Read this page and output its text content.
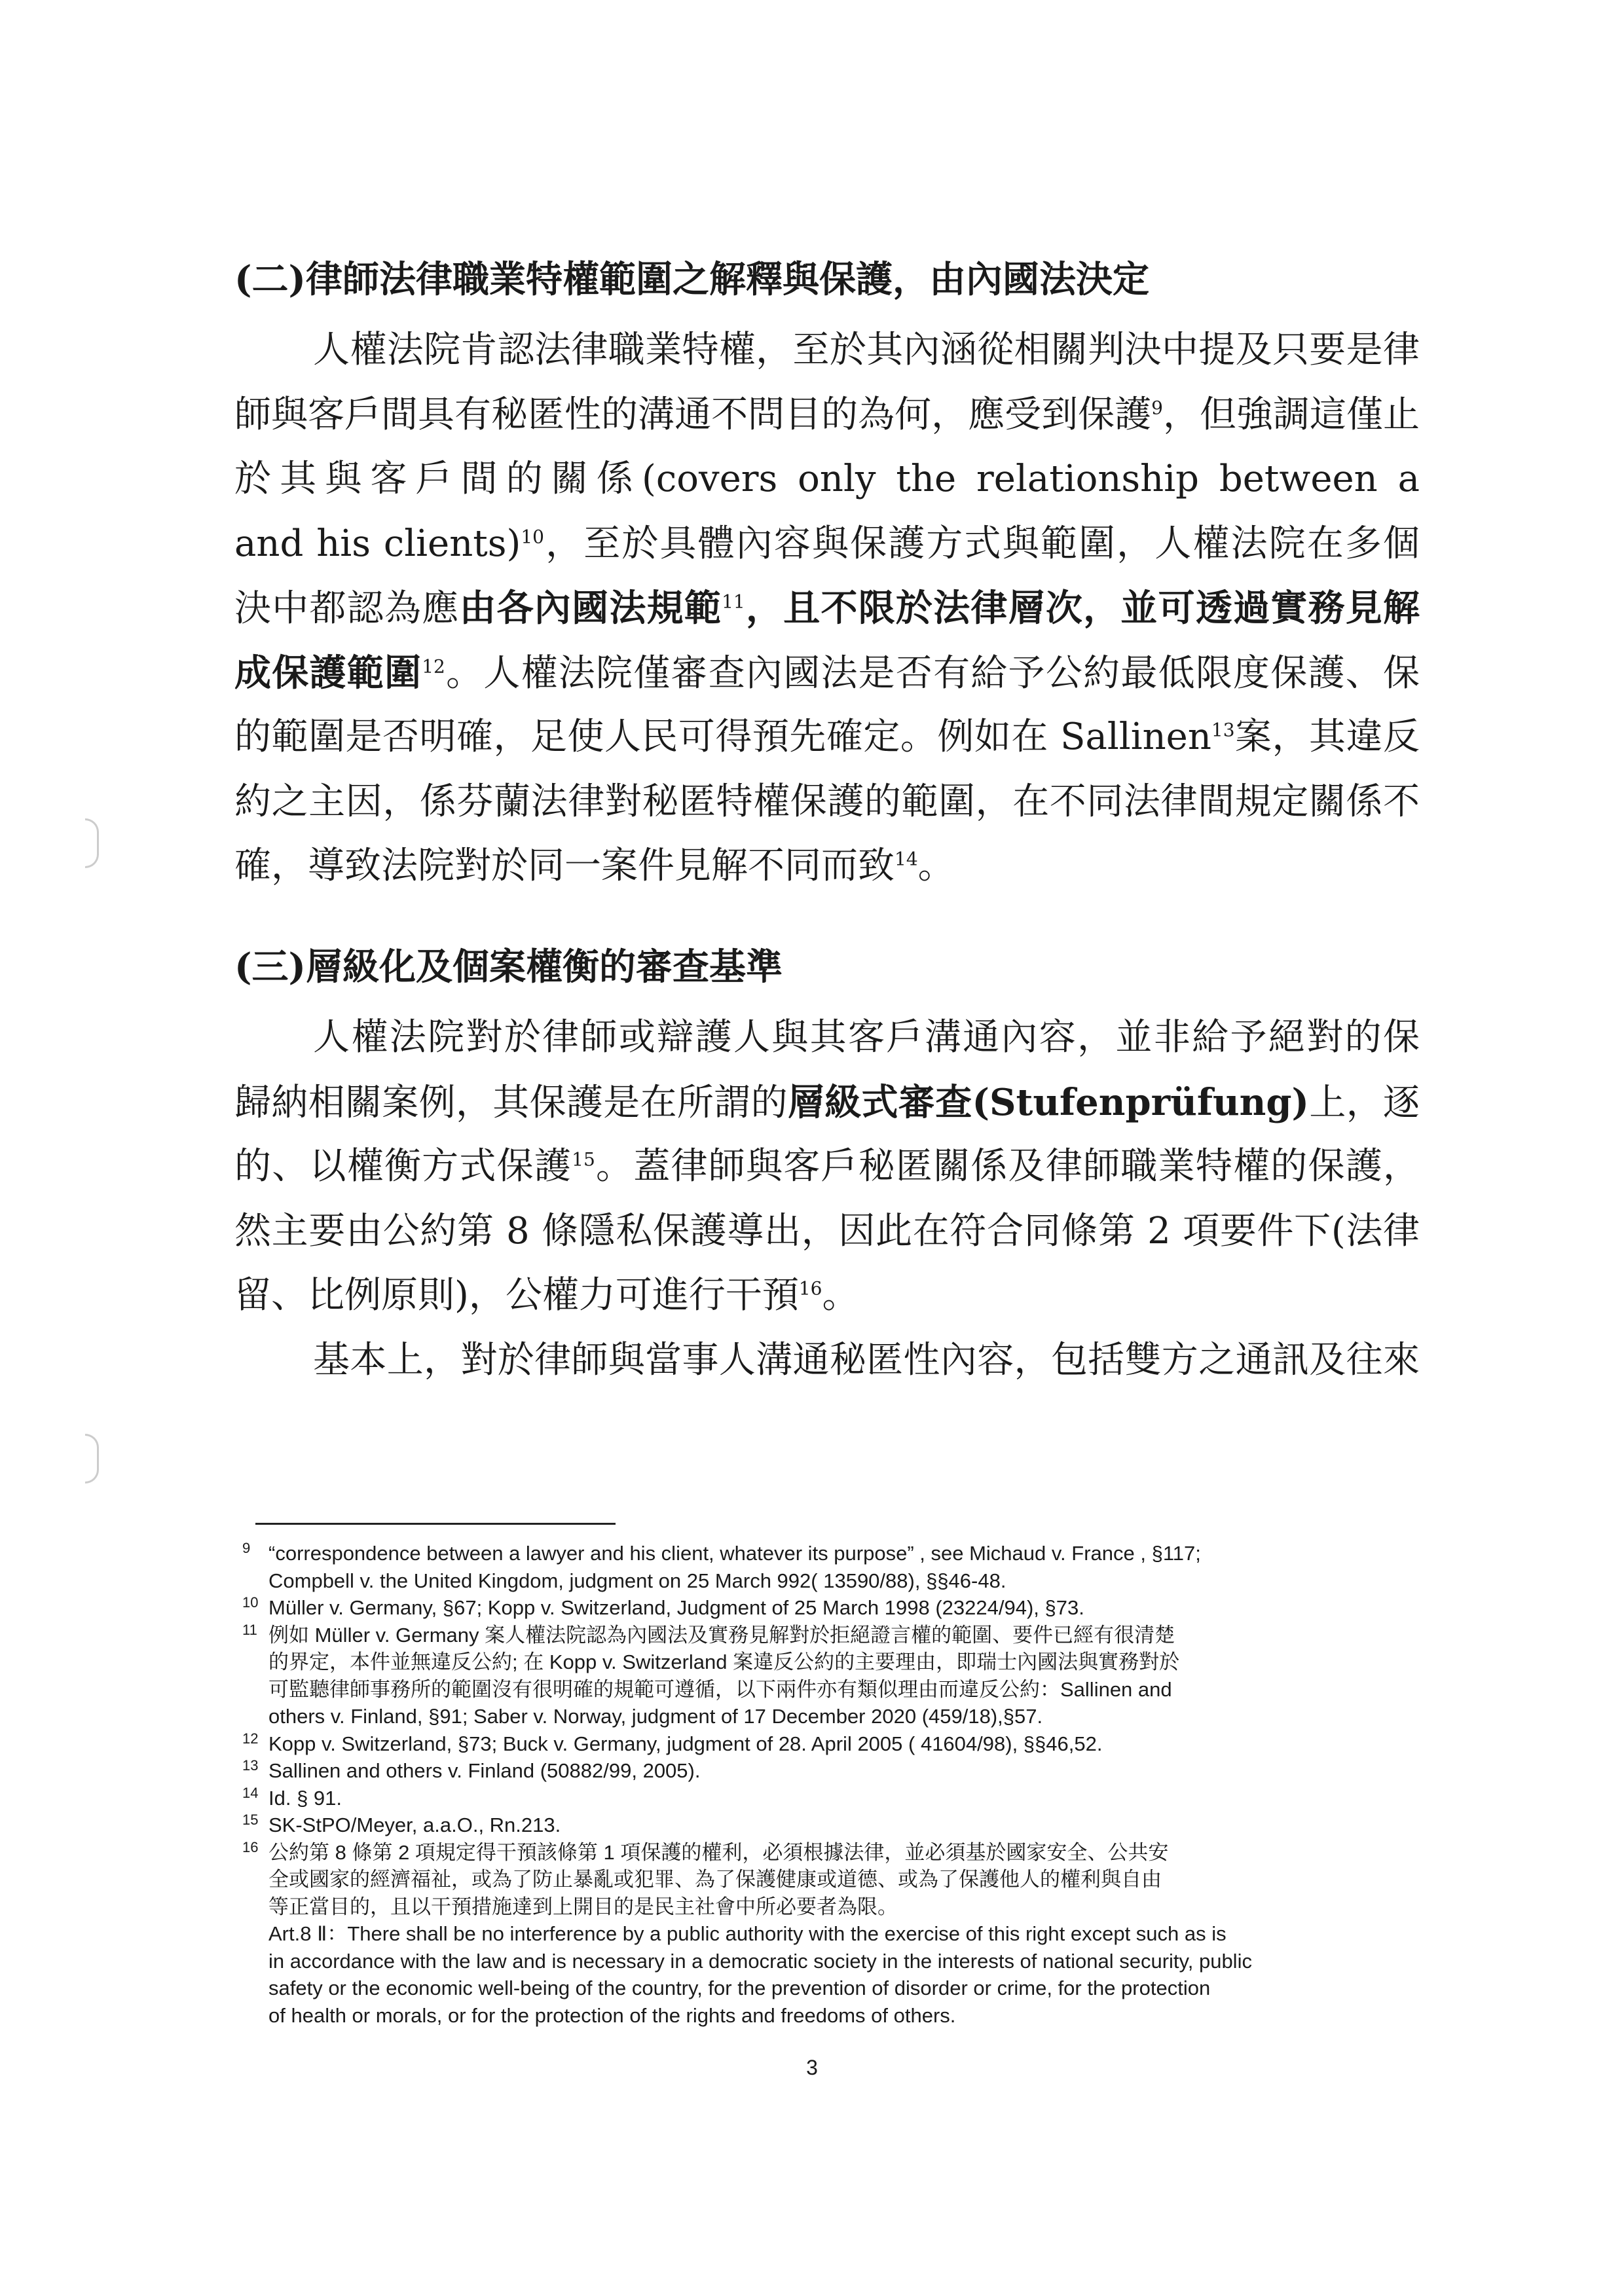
(二)律師法律職業特權範圍之解釋與保護，由內國法決定
(三)層級化及個案權衡的審查基準
3
人權法院肯認法律職業特權，至於其內涵從相關判決中提及只要是律
師與客戶間具有秘匿性的溝通不問目的為何，應受到保護$^9$，但強調這僅止
於其與客戶間的關係(covers only the relationship between a
and his clients)$^{10}$，至於具體內容與保護方式與範圍，人權法院在多個
決中都認為應由各內國法規範$^{11}$，且不限於法律層次，並可透過實務見解
成保護範圍$^{12}$。人權法院僅審查內國法是否有給予公約最低限度保護、保
的範圍是否明確，足使人民可得預先確定。例如在 Sallinen$^{13}$案，其違反
約之主因，係芬蘭法律對秘匿特權保護的範圍，在不同法律間規定關係不
確，導致法院對於同一案件見解不同而致$^{14}$。
人權法院對於律師或辯護人與其客戶溝通內容，並非給予絕對的保
歸納相關案例，其保護是在所謂的層級式審查(Stufenprüfung)上，逐
的、以權衡方式保護$^{15}$。蓋律師與客戶秘匿關係及律師職業特權的保護，
然主要由公約第 8 條隱私保護導出，因此在符合同條第 2 項要件下(法律
留、比例原則)，公權力可進行干預$^{16}$。
基本上，對於律師與當事人溝通秘匿性內容，包括雙方之通訊及往來
9 “correspondence between a lawyer and his client, whatever its purpose” , see Michaud v. France , §117;
Compbell v. the United Kingdom, judgment on 25 March 992( 13590/88), §§46-48.
10 Müller v. Germany, §67; Kopp v. Switzerland, Judgment of 25 March 1998 (23224/94), §73.
11 例如 Müller v. Germany 案人權法院認為內國法及實務見解對於拒絕證言權的範圍、要件已經有很清楚
的界定，本件並無違反公約; 在 Kopp v. Switzerland 案違反公約的主要理由，即瑞士內國法與實務對於
可監聽律師事務所的範圍沒有很明確的規範可遵循，以下兩件亦有類似理由而違反公約：Sallinen and
others v. Finland, §91; Saber v. Norway, judgment of 17 December 2020 (459/18),§57.
12 Kopp v. Switzerland, §73; Buck v. Germany, judgment of 28. April 2005 ( 41604/98), §§46,52.
13 Sallinen and others v. Finland (50882/99, 2005).
14 Id. § 91.
15 SK-StPO/Meyer, a.a.O., Rn.213.
16 公約第 8 條第 2 項規定得干預該條第 1 項保護的權利，必須根據法律，並必須基於國家安全、公共安
全或國家的經濟福祉，或為了防止暴亂或犯罪、為了保護健康或道德、或為了保護他人的權利與自由
等正當目的，且以干預措施達到上開目的是民主社會中所必要者為限。
Art.8 Ⅱ：There shall be no interference by a public authority with the exercise of this right except such as is
in accordance with the law and is necessary in a democratic society in the interests of national security, public
safety or the economic well-being of the country, for the prevention of disorder or crime, for the protection
of health or morals, or for the protection of the rights and freedoms of others.
